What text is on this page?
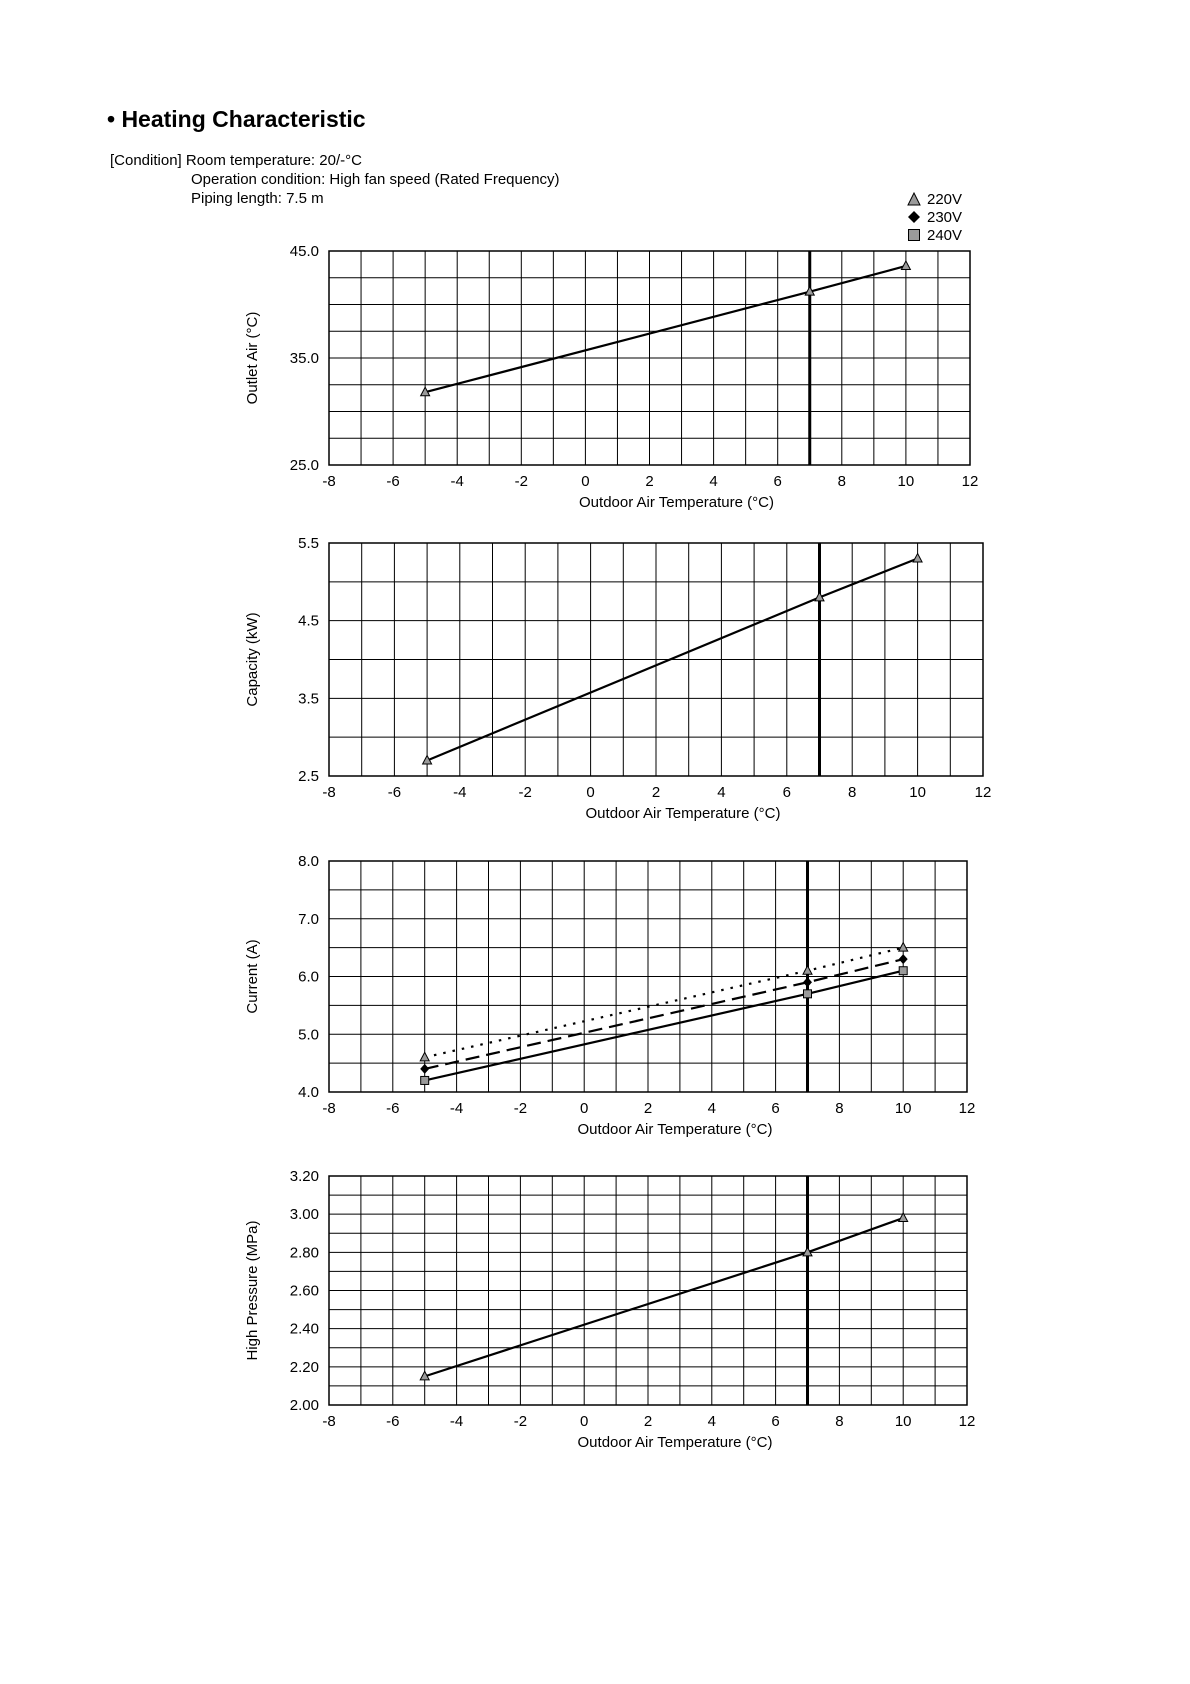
• Heating Characteristic
[Condition] Room temperature: 20/-°C
Operation condition: High fan speed (Rated Frequency)
Piping length: 7.5 m	220V
230V
240V
-8	-6	-4	-2	0	2	4	6	8	10	12
25.0
35.0
45.0
Outdoor Air Temperature (°C)
Outlet Air (°C)
-8	-6	-4	-2	0	2	4	6	8	10	12
2.5
3.5
4.5
5.5
Outdoor Air Temperature (°C)
Capacity (kW)
-8	-6	-4	-2	0	2	4	6	8	10	12
4.0
5.0
6.0
7.0
8.0
Outdoor Air Temperature (°C)
Current (A)
-8	-6	-4	-2	0	2	4	6	8	10	12
2.00
2.20
2.40
2.60
2.80
3.00
3.20
Outdoor Air Temperature (°C)
High Pressure (MPa)
